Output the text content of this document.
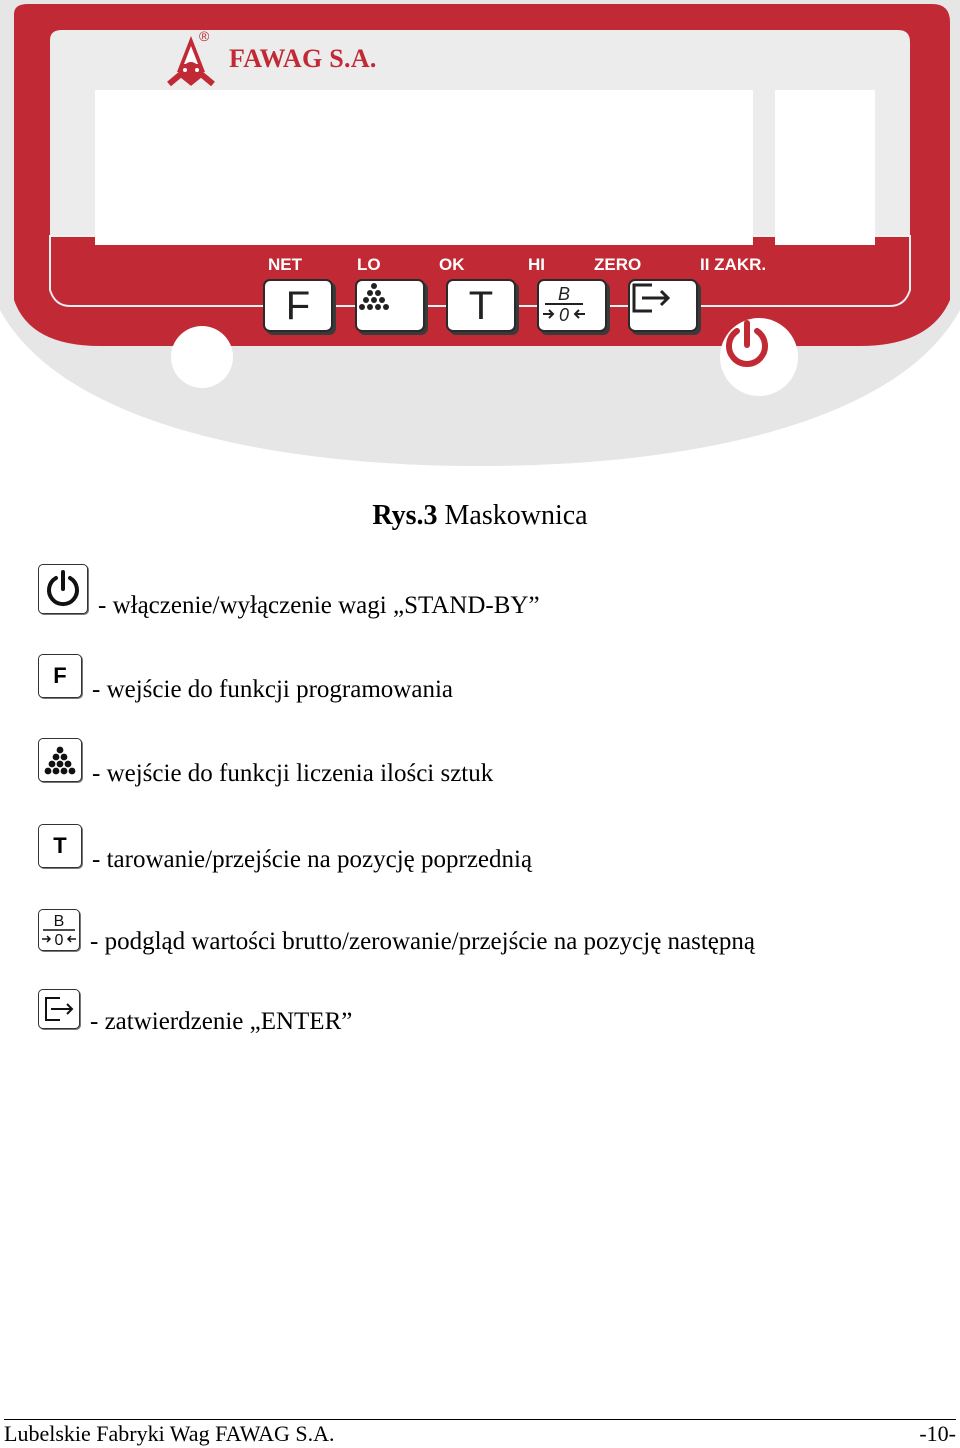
®
FAWAG S.A.
NET	LO	OK	HI	ZERO	II ZAKR.
F	T	B
0
Rys.3 Maskownica
- włączenie/wyłączenie wagi „STAND-BY”
F
- wejście do funkcji programowania
- wejście do funkcji liczenia ilości sztuk
T
- tarowanie/przejście na pozycję poprzednią
B
0 - podgląd wartości brutto/zerowanie/przejście na pozycję następną
- zatwierdzenie „ENTER”
Lubelskie Fabryki Wag FAWAG S.A.	-10-
